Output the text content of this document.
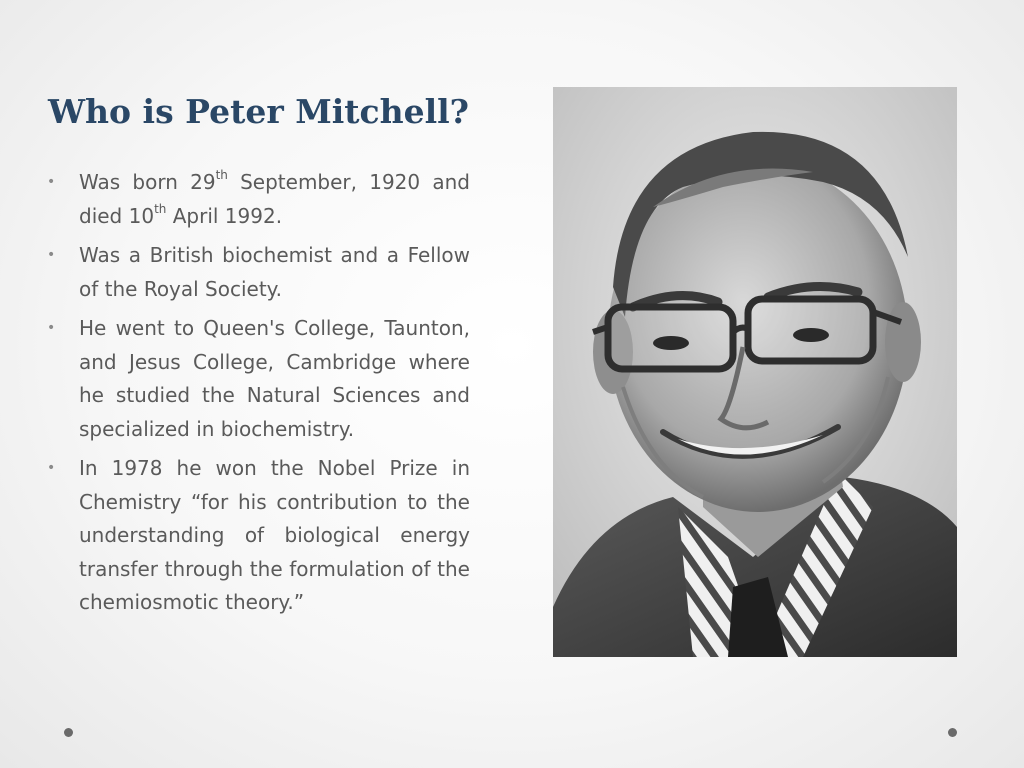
Who is Peter Mitchell?
• Was born 29th September, 1920 and died 10th April 1992.
• Was a British biochemist and a Fellow of the Royal Society.
• He went to Queen's College, Taunton, and Jesus College, Cambridge where he studied the Natural Sciences and specialized in biochemistry.
• In 1978 he won the Nobel Prize in Chemistry “for his contribution to the understanding of biological energy transfer through the formulation of the chemiosmotic theory.”
